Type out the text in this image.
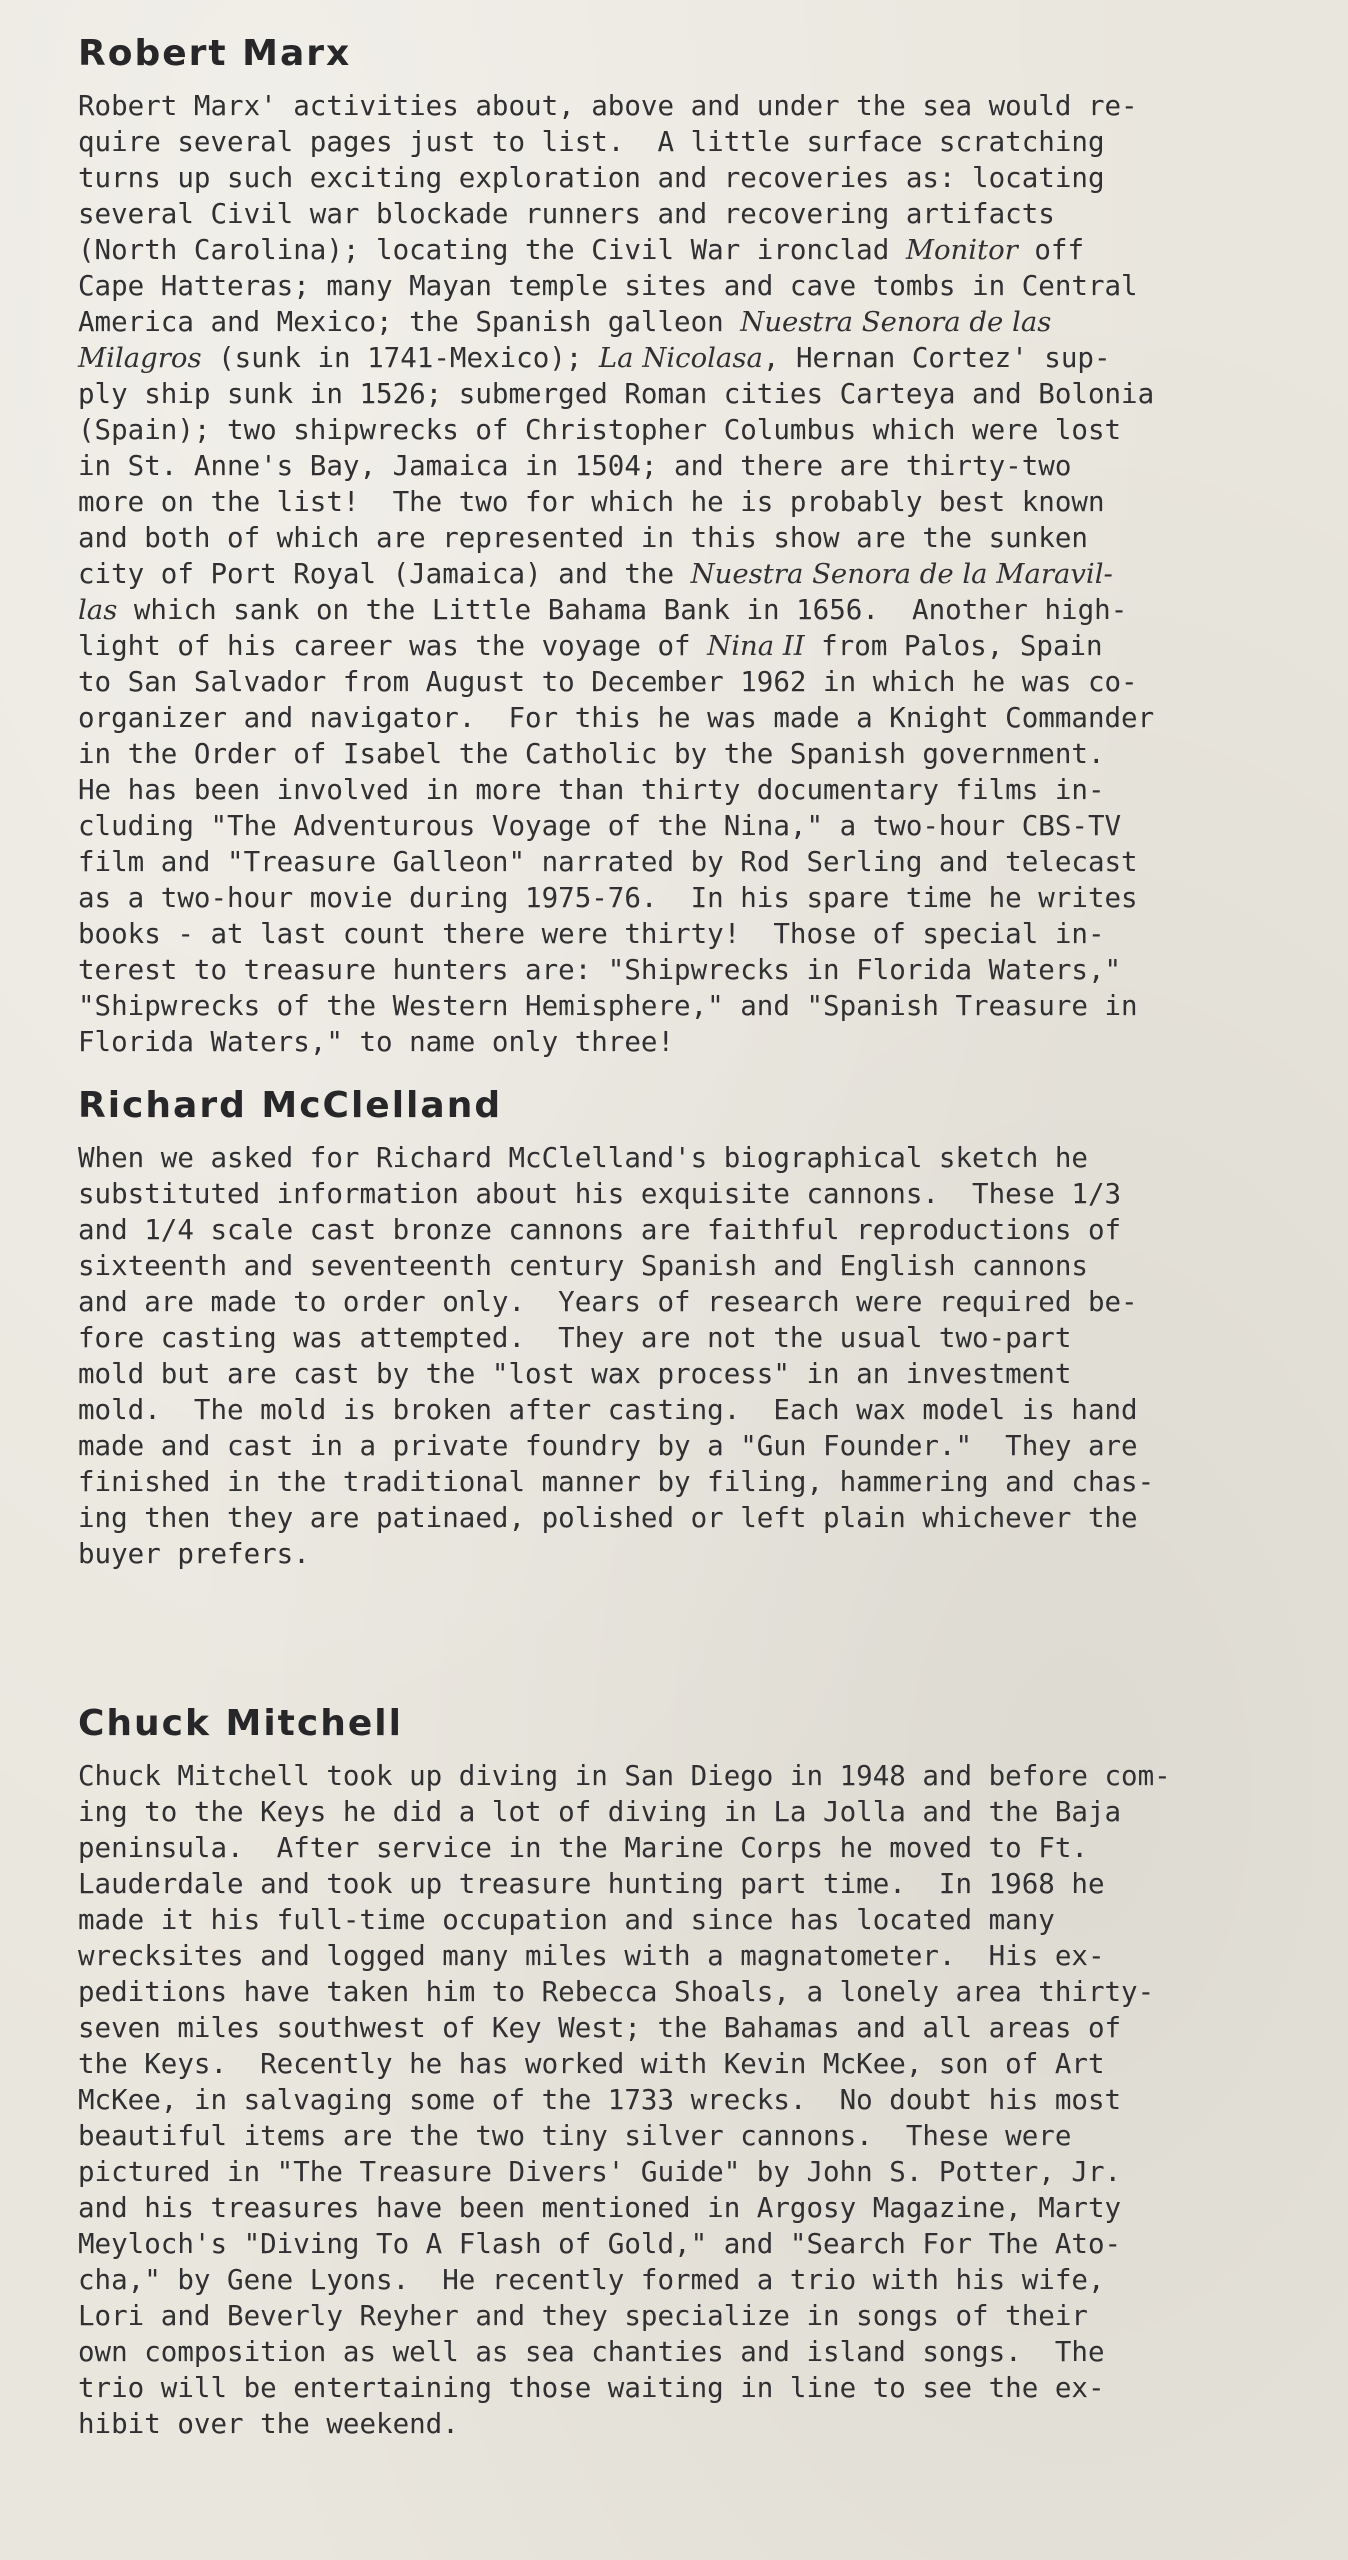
Robert Marx
Robert Marx' activities about, above and under the sea would re-
quire several pages just to list.  A little surface scratching
turns up such exciting exploration and recoveries as: locating
several Civil war blockade runners and recovering artifacts
(North Carolina); locating the Civil War ironclad Monitor off
Cape Hatteras; many Mayan temple sites and cave tombs in Central
America and Mexico; the Spanish galleon Nuestra Senora de las
Milagros (sunk in 1741-Mexico); La Nicolasa, Hernan Cortez' sup-
ply ship sunk in 1526; submerged Roman cities Carteya and Bolonia
(Spain); two shipwrecks of Christopher Columbus which were lost
in St. Anne's Bay, Jamaica in 1504; and there are thirty-two
more on the list!  The two for which he is probably best known
and both of which are represented in this show are the sunken
city of Port Royal (Jamaica) and the Nuestra Senora de la Maravil-
las which sank on the Little Bahama Bank in 1656.  Another high-
light of his career was the voyage of Nina II from Palos, Spain
to San Salvador from August to December 1962 in which he was co-
organizer and navigator.  For this he was made a Knight Commander
in the Order of Isabel the Catholic by the Spanish government.
He has been involved in more than thirty documentary films in-
cluding "The Adventurous Voyage of the Nina," a two-hour CBS-TV
film and "Treasure Galleon" narrated by Rod Serling and telecast
as a two-hour movie during 1975-76.  In his spare time he writes
books - at last count there were thirty!  Those of special in-
terest to treasure hunters are: "Shipwrecks in Florida Waters,"
"Shipwrecks of the Western Hemisphere," and "Spanish Treasure in
Florida Waters," to name only three!
Richard McClelland
When we asked for Richard McClelland's biographical sketch he
substituted information about his exquisite cannons.  These 1/3
and 1/4 scale cast bronze cannons are faithful reproductions of
sixteenth and seventeenth century Spanish and English cannons
and are made to order only.  Years of research were required be-
fore casting was attempted.  They are not the usual two-part
mold but are cast by the "lost wax process" in an investment
mold.  The mold is broken after casting.  Each wax model is hand
made and cast in a private foundry by a "Gun Founder."  They are
finished in the traditional manner by filing, hammering and chas-
ing then they are patinaed, polished or left plain whichever the
buyer prefers.
Chuck Mitchell
Chuck Mitchell took up diving in San Diego in 1948 and before com-
ing to the Keys he did a lot of diving in La Jolla and the Baja
peninsula.  After service in the Marine Corps he moved to Ft.
Lauderdale and took up treasure hunting part time.  In 1968 he
made it his full-time occupation and since has located many
wrecksites and logged many miles with a magnatometer.  His ex-
peditions have taken him to Rebecca Shoals, a lonely area thirty-
seven miles southwest of Key West; the Bahamas and all areas of
the Keys.  Recently he has worked with Kevin McKee, son of Art
McKee, in salvaging some of the 1733 wrecks.  No doubt his most
beautiful items are the two tiny silver cannons.  These were
pictured in "The Treasure Divers' Guide" by John S. Potter, Jr.
and his treasures have been mentioned in Argosy Magazine, Marty
Meyloch's "Diving To A Flash of Gold," and "Search For The Ato-
cha," by Gene Lyons.  He recently formed a trio with his wife,
Lori and Beverly Reyher and they specialize in songs of their
own composition as well as sea chanties and island songs.  The
trio will be entertaining those waiting in line to see the ex-
hibit over the weekend.
